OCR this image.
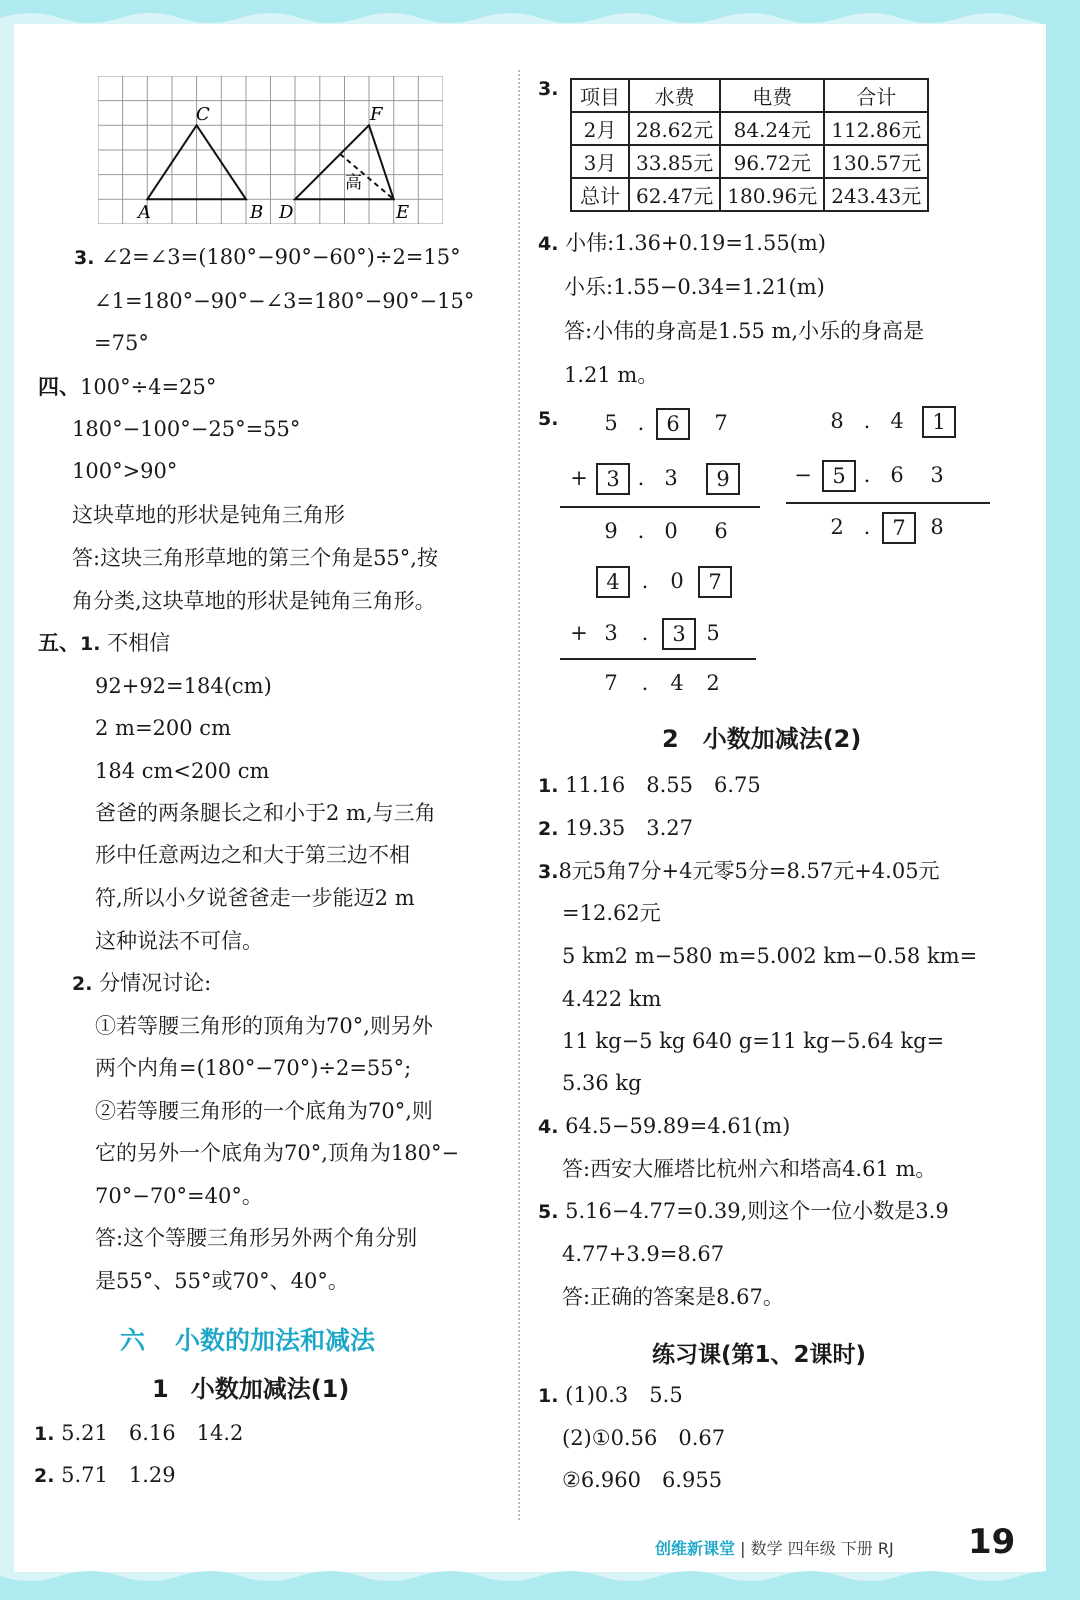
A	B
C
D	E
F
高
3. ∠2=∠3=(180°−90°−60°)÷2=15°
∠1=180°−90°−∠3=180°−90°−15°
=75°
四、100°÷4=25°
180°−100°−25°=55°
100°>90°
这块草地的形状是钝角三角形
答:这块三角形草地的第三个角是55°,按
角分类,这块草地的形状是钝角三角形。
五、1. 不相信
92+92=184(cm)
2 m=200 cm
184 cm<200 cm
爸爸的两条腿长之和小于2 m,与三角
形中任意两边之和大于第三边不相
符,所以小夕说爸爸走一步能迈2 m
这种说法不可信。
2. 分情况讨论:
①若等腰三角形的顶角为70°,则另外
两个内角=(180°−70°)÷2=55°;
②若等腰三角形的一个底角为70°,则
它的另外一个底角为70°,顶角为180°−
70°−70°=40°。
答:这个等腰三角形另外两个角分别
是55°、55°或70°、40°。
六 小数的加法和减法
1 小数加减法(1)
1. 5.21　6.16　14.2
2. 5.71　1.29
3. 项目	水费	电费	合计
2月	28.62元	84.24元	112.86元
3月	33.85元	96.72元	130.57元
总计	62.47元	180.96元	243.43元
4. 小伟:1.36+0.19=1.55(m)
小乐:1.55−0.34=1.21(m)
答:小伟的身高是1.55 m,小乐的身高是
1.21 m。
5.	5 .	6	7
+ 3 . 3	9
9 . 0	6
8 . 4	1
− 5 . 6	3
2 .	7	8
4	.	0	7
+ 3	.	3 5
7	.	4	2
2 小数加减法(2)
1. 11.16　8.55　6.75
2. 19.35　3.27
3.8元5角7分+4元零5分=8.57元+4.05元
=12.62元
5 km2 m−580 m=5.002 km−0.58 km=
4.422 km
11 kg−5 kg 640 g=11 kg−5.64 kg=
5.36 kg
4. 64.5−59.89=4.61(m)
答:西安大雁塔比杭州六和塔高4.61 m。
5. 5.16−4.77=0.39,则这个一位小数是3.9
4.77+3.9=8.67
答:正确的答案是8.67。
练习课(第1、2课时)
1. (1)0.3　5.5
(2)①0.56　0.67
②6.960　6.955
创维新课堂 | 数学 四年级 下册 RJ 19
